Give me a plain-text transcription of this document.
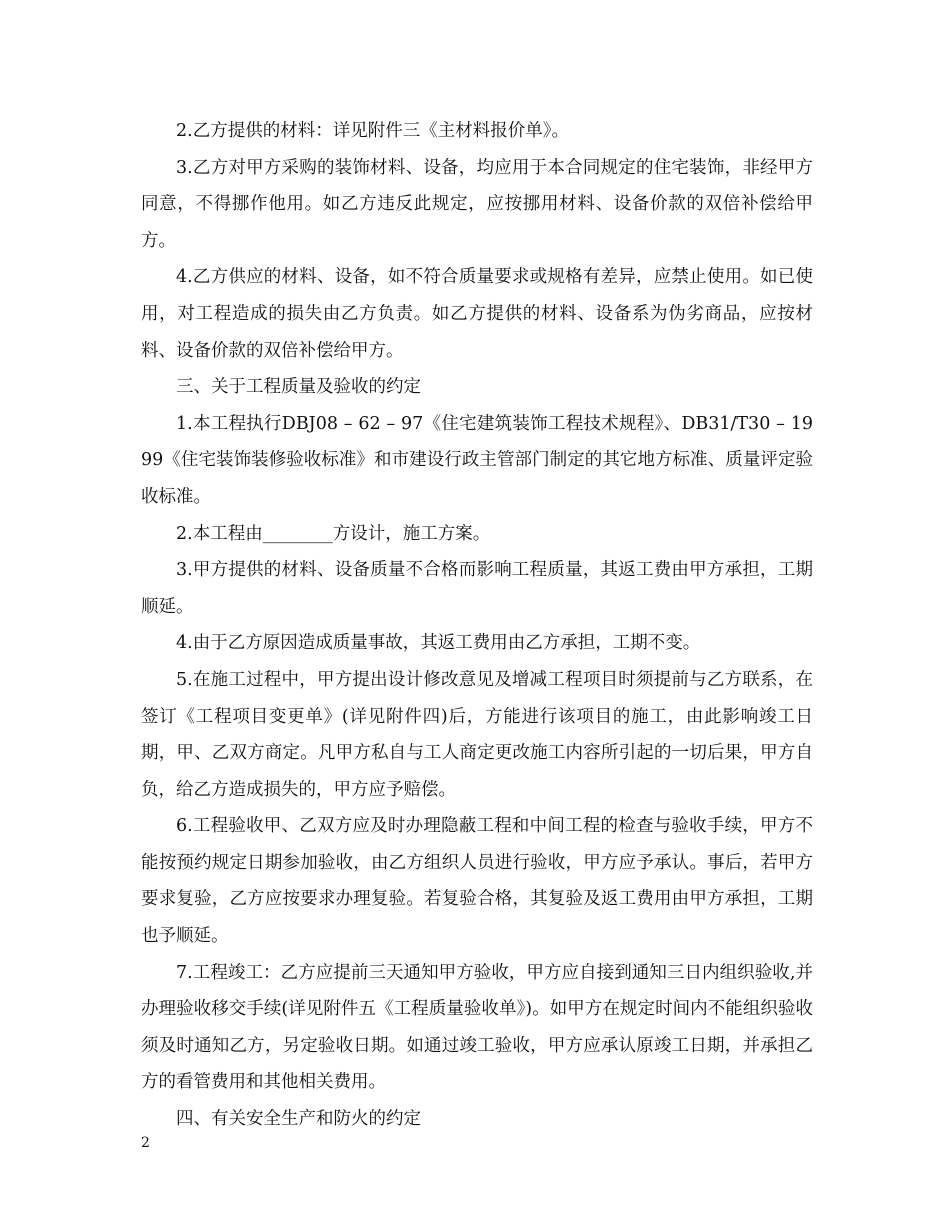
2.乙方提供的材料：详见附件三《主材料报价单》。

3.乙方对甲方采购的装饰材料、设备，均应用于本合同规定的住宅装饰，非经甲方同意，不得挪作他用。如乙方违反此规定，应按挪用材料、设备价款的双倍补偿给甲方。

4.乙方供应的材料、设备，如不符合质量要求或规格有差异，应禁止使用。如已使用，对工程造成的损失由乙方负责。如乙方提供的材料、设备系为伪劣商品，应按材料、设备价款的双倍补偿给甲方。

三、关于工程质量及验收的约定

1.本工程执行DBJ08 – 62 – 97《住宅建筑装饰工程技术规程》、DB31/T30 – 1999《住宅装饰装修验收标准》和市建设行政主管部门制定的其它地方标准、质量评定验收标准。

2.本工程由________方设计，施工方案。

3.甲方提供的材料、设备质量不合格而影响工程质量，其返工费由甲方承担，工期顺延。

4.由于乙方原因造成质量事故，其返工费用由乙方承担，工期不变。

5.在施工过程中，甲方提出设计修改意见及增减工程项目时须提前与乙方联系，在签订《工程项目变更单》(详见附件四)后，方能进行该项目的施工，由此影响竣工日期，甲、乙双方商定。凡甲方私自与工人商定更改施工内容所引起的一切后果，甲方自负，给乙方造成损失的，甲方应予赔偿。

6.工程验收甲、乙双方应及时办理隐蔽工程和中间工程的检查与验收手续，甲方不能按预约规定日期参加验收，由乙方组织人员进行验收，甲方应予承认。事后，若甲方要求复验，乙方应按要求办理复验。若复验合格，其复验及返工费用由甲方承担，工期也予顺延。

7.工程竣工：乙方应提前三天通知甲方验收，甲方应自接到通知三日内组织验收,并办理验收移交手续(详见附件五《工程质量验收单》)。如甲方在规定时间内不能组织验收须及时通知乙方，另定验收日期。如通过竣工验收，甲方应承认原竣工日期，并承担乙方的看管费用和其他相关费用。

四、有关安全生产和防火的约定

2
